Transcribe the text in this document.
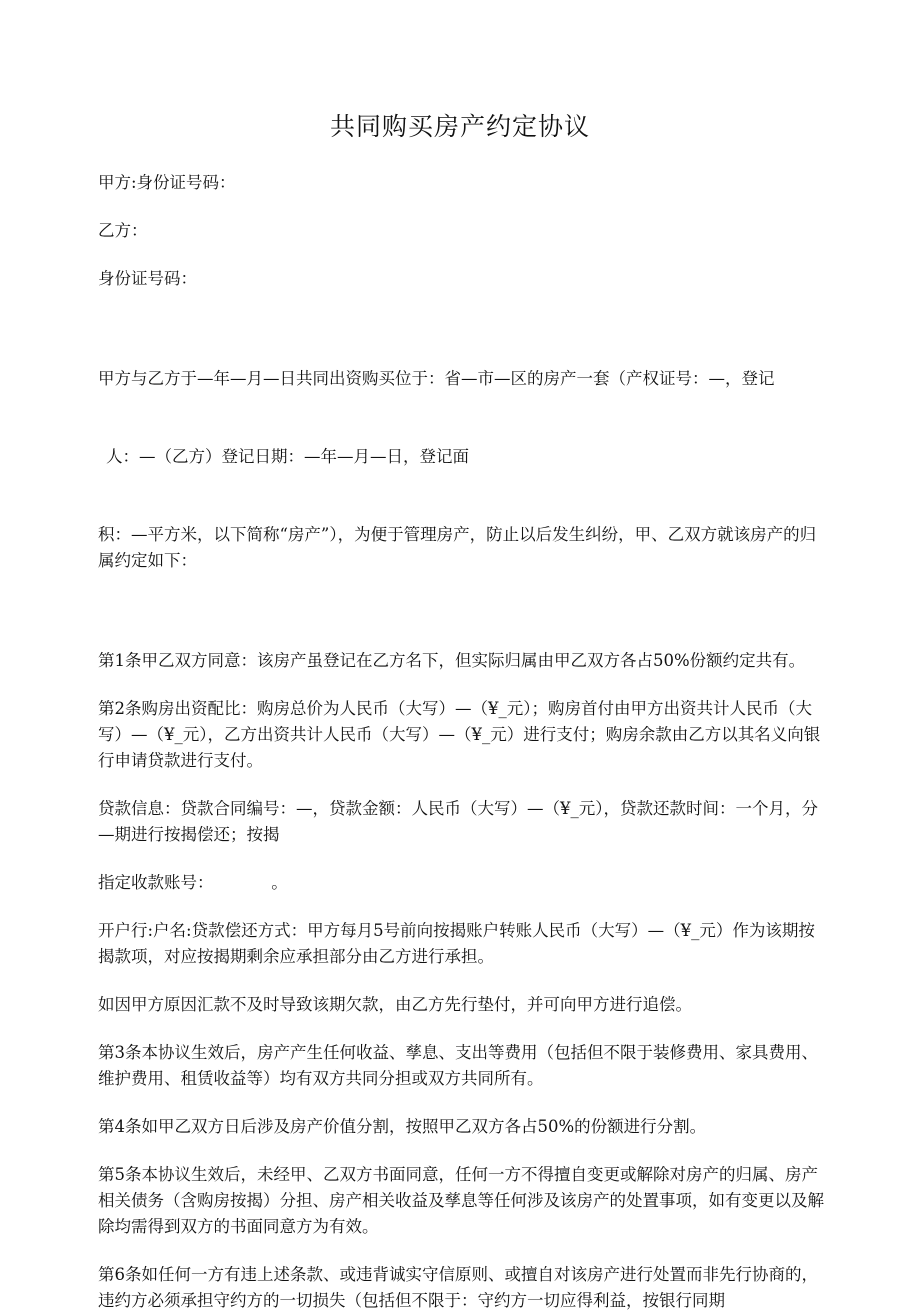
共同购买房产约定协议

甲方:身份证号码：

乙方：

身份证号码：

甲方与乙方于—年—月—日共同出资购买位于：省—市—区的房产一套（产权证号：—，登记

人：—（乙方）登记日期：—年—月—日，登记面

积：—平方米，以下简称“房产”），为便于管理房产，防止以后发生纠纷，甲、乙双方就该房产的归属约定如下：

第1条甲乙双方同意：该房产虽登记在乙方名下，但实际归属由甲乙双方各占50%份额约定共有。

第2条购房出资配比：购房总价为人民币（大写）—（¥_元）；购房首付由甲方出资共计人民币（大写）—（¥_元），乙方出资共计人民币（大写）—（¥_元）进行支付；购房余款由乙方以其名义向银行申请贷款进行支付。

贷款信息：贷款合同编号：—，贷款金额：人民币（大写）—（¥_元），贷款还款时间：一个月，分—期进行按揭偿还；按揭

指定收款账号：           。

开户行:户名:贷款偿还方式：甲方每月5号前向按揭账户转账人民币（大写）—（¥_元）作为该期按揭款项，对应按揭期剩余应承担部分由乙方进行承担。

如因甲方原因汇款不及时导致该期欠款，由乙方先行垫付，并可向甲方进行追偿。

第3条本协议生效后，房产产生任何收益、孳息、支出等费用（包括但不限于装修费用、家具费用、维护费用、租赁收益等）均有双方共同分担或双方共同所有。

第4条如甲乙双方日后涉及房产价值分割，按照甲乙双方各占50%的份额进行分割。

第5条本协议生效后，未经甲、乙双方书面同意，任何一方不得擅自变更或解除对房产的归属、房产相关债务（含购房按揭）分担、房产相关收益及孳息等任何涉及该房产的处置事项，如有变更以及解除均需得到双方的书面同意方为有效。

第6条如任何一方有违上述条款、或违背诚实守信原则、或擅自对该房产进行处置而非先行协商的，违约方必须承担守约方的一切损失（包括但不限于：守约方一切应得利益，按银行同期
